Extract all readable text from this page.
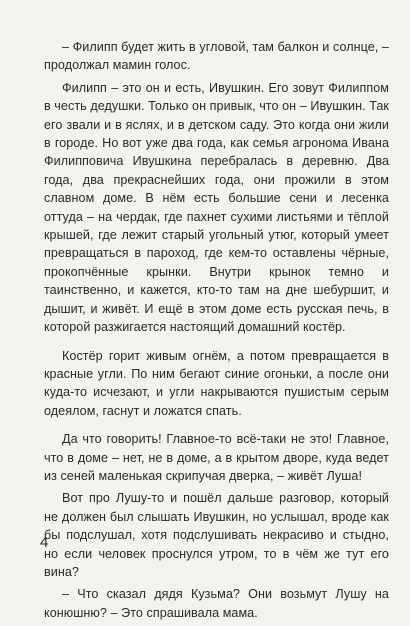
– Филипп будет жить в угловой, там балкон и солнце, – продолжал мамин голос.

Филипп – это он и есть, Ивушкин. Его зовут Филиппом в честь дедушки. Только он привык, что он – Ивушкин. Так его звали и в яслях, и в детском саду. Это когда они жили в городе. Но вот уже два года, как семья агронома Ивана Филипповича Ивушкина перебралась в деревню. Два года, два прекраснейших года, они прожили в этом славном доме. В нём есть большие сени и лесенка оттуда – на чердак, где пахнет сухими листьями и тёплой крышей, где лежит старый угольный утюг, который умеет превращаться в пароход, где кем-то оставлены чёрные, прокопчённые крынки. Внутри крынок темно и таинственно, и кажется, кто-то там на дне шебуршит, и дышит, и живёт. И ещё в этом доме есть русская печь, в которой разжигается настоящий домашний костёр.

Костёр горит живым огнём, а потом превращается в красные угли. По ним бегают синие огоньки, а после они куда-то исчезают, и угли накрываются пушистым серым одеялом, гаснут и ложатся спать.

Да что говорить! Главное-то всё-таки не это! Главное, что в доме – нет, не в доме, а в крытом дворе, куда ведет из сеней маленькая скрипучая дверка, – живёт Луша!

Вот про Лушу-то и пошёл дальше разговор, который не должен был слышать Ивушкин, но услышал, вроде как бы подслушал, хотя подслушивать некрасиво и стыдно, но если человек проснулся утром, то в чём же тут его вина?

– Что сказал дядя Кузьма? Они возьмут Лушу на конюшню? – Это спрашивала мама.

4
